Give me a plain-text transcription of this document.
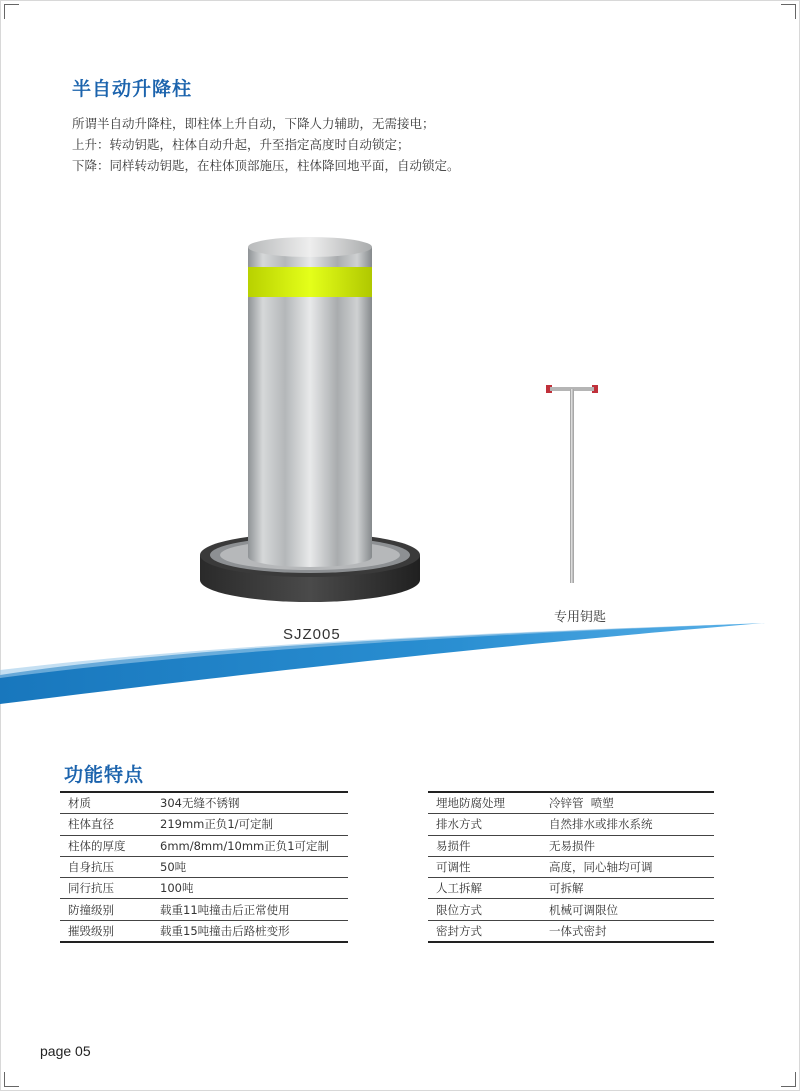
半自动升降柱
所谓半自动升降柱，即柱体上升自动，下降人力辅助，无需接电；
上升：转动钥匙，柱体自动升起，升至指定高度时自动锁定；
下降：同样转动钥匙，在柱体顶部施压，柱体降回地平面，自动锁定。
SJZ005
专用钥匙
功能特点
材质	304无缝不锈钢
柱体直径	219mm正负1/可定制
柱体的厚度	6mm/8mm/10mm正负1可定制
自身抗压	50吨
同行抗压	100吨
防撞级别	载重11吨撞击后正常使用
摧毁级别	载重15吨撞击后路桩变形
埋地防腐处理	冷锌管  喷塑
排水方式	自然排水或排水系统
易损件	无易损件
可调性	高度，同心轴均可调
人工拆解	可拆解
限位方式	机械可调限位
密封方式	一体式密封
page 05
